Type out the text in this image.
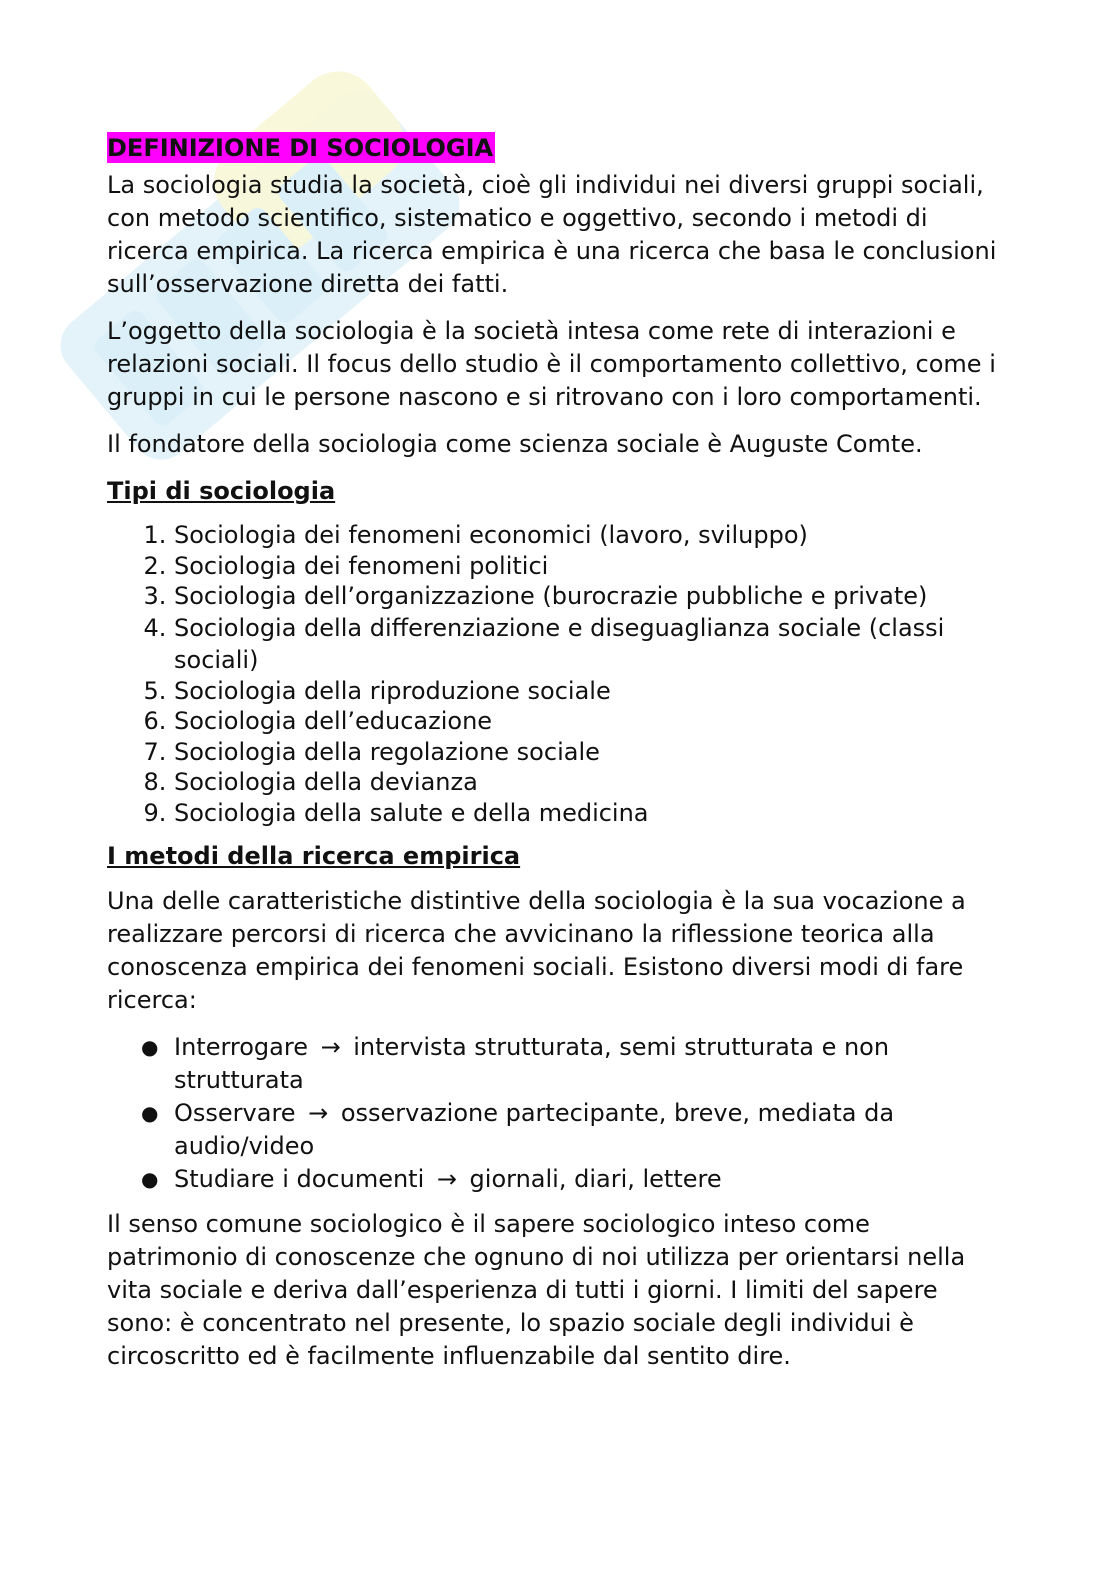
DEFINIZIONE DI SOCIOLOGIA

La sociologia studia la società, cioè gli individui nei diversi gruppi sociali, con metodo scientifico, sistematico e oggettivo, secondo i metodi di ricerca empirica. La ricerca empirica è una ricerca che basa le conclusioni sull’osservazione diretta dei fatti.

L’oggetto della sociologia è la società intesa come rete di interazioni e relazioni sociali. Il focus dello studio è il comportamento collettivo, come i gruppi in cui le persone nascono e si ritrovano con i loro comportamenti.

Il fondatore della sociologia come scienza sociale è Auguste Comte.

Tipi di sociologia
1. Sociologia dei fenomeni economici (lavoro, sviluppo)
2. Sociologia dei fenomeni politici
3. Sociologia dell’organizzazione (burocrazie pubbliche e private)
4. Sociologia della differenziazione e diseguaglianza sociale (classi sociali)
5. Sociologia della riproduzione sociale
6. Sociologia dell’educazione
7. Sociologia della regolazione sociale
8. Sociologia della devianza
9. Sociologia della salute e della medicina
I metodi della ricerca empirica

Una delle caratteristiche distintive della sociologia è la sua vocazione a realizzare percorsi di ricerca che avvicinano la riflessione teorica alla conoscenza empirica dei fenomeni sociali. Esistono diversi modi di fare ricerca:

● Interrogare → intervista strutturata, semi strutturata e non strutturata
● Osservare → osservazione partecipante, breve, mediata da audio/video
● Studiare i documenti → giornali, diari, lettere

Il senso comune sociologico è il sapere sociologico inteso come patrimonio di conoscenze che ognuno di noi utilizza per orientarsi nella vita sociale e deriva dall’esperienza di tutti i giorni. I limiti del sapere sono: è concentrato nel presente, lo spazio sociale degli individui è circoscritto ed è facilmente influenzabile dal sentito dire.
